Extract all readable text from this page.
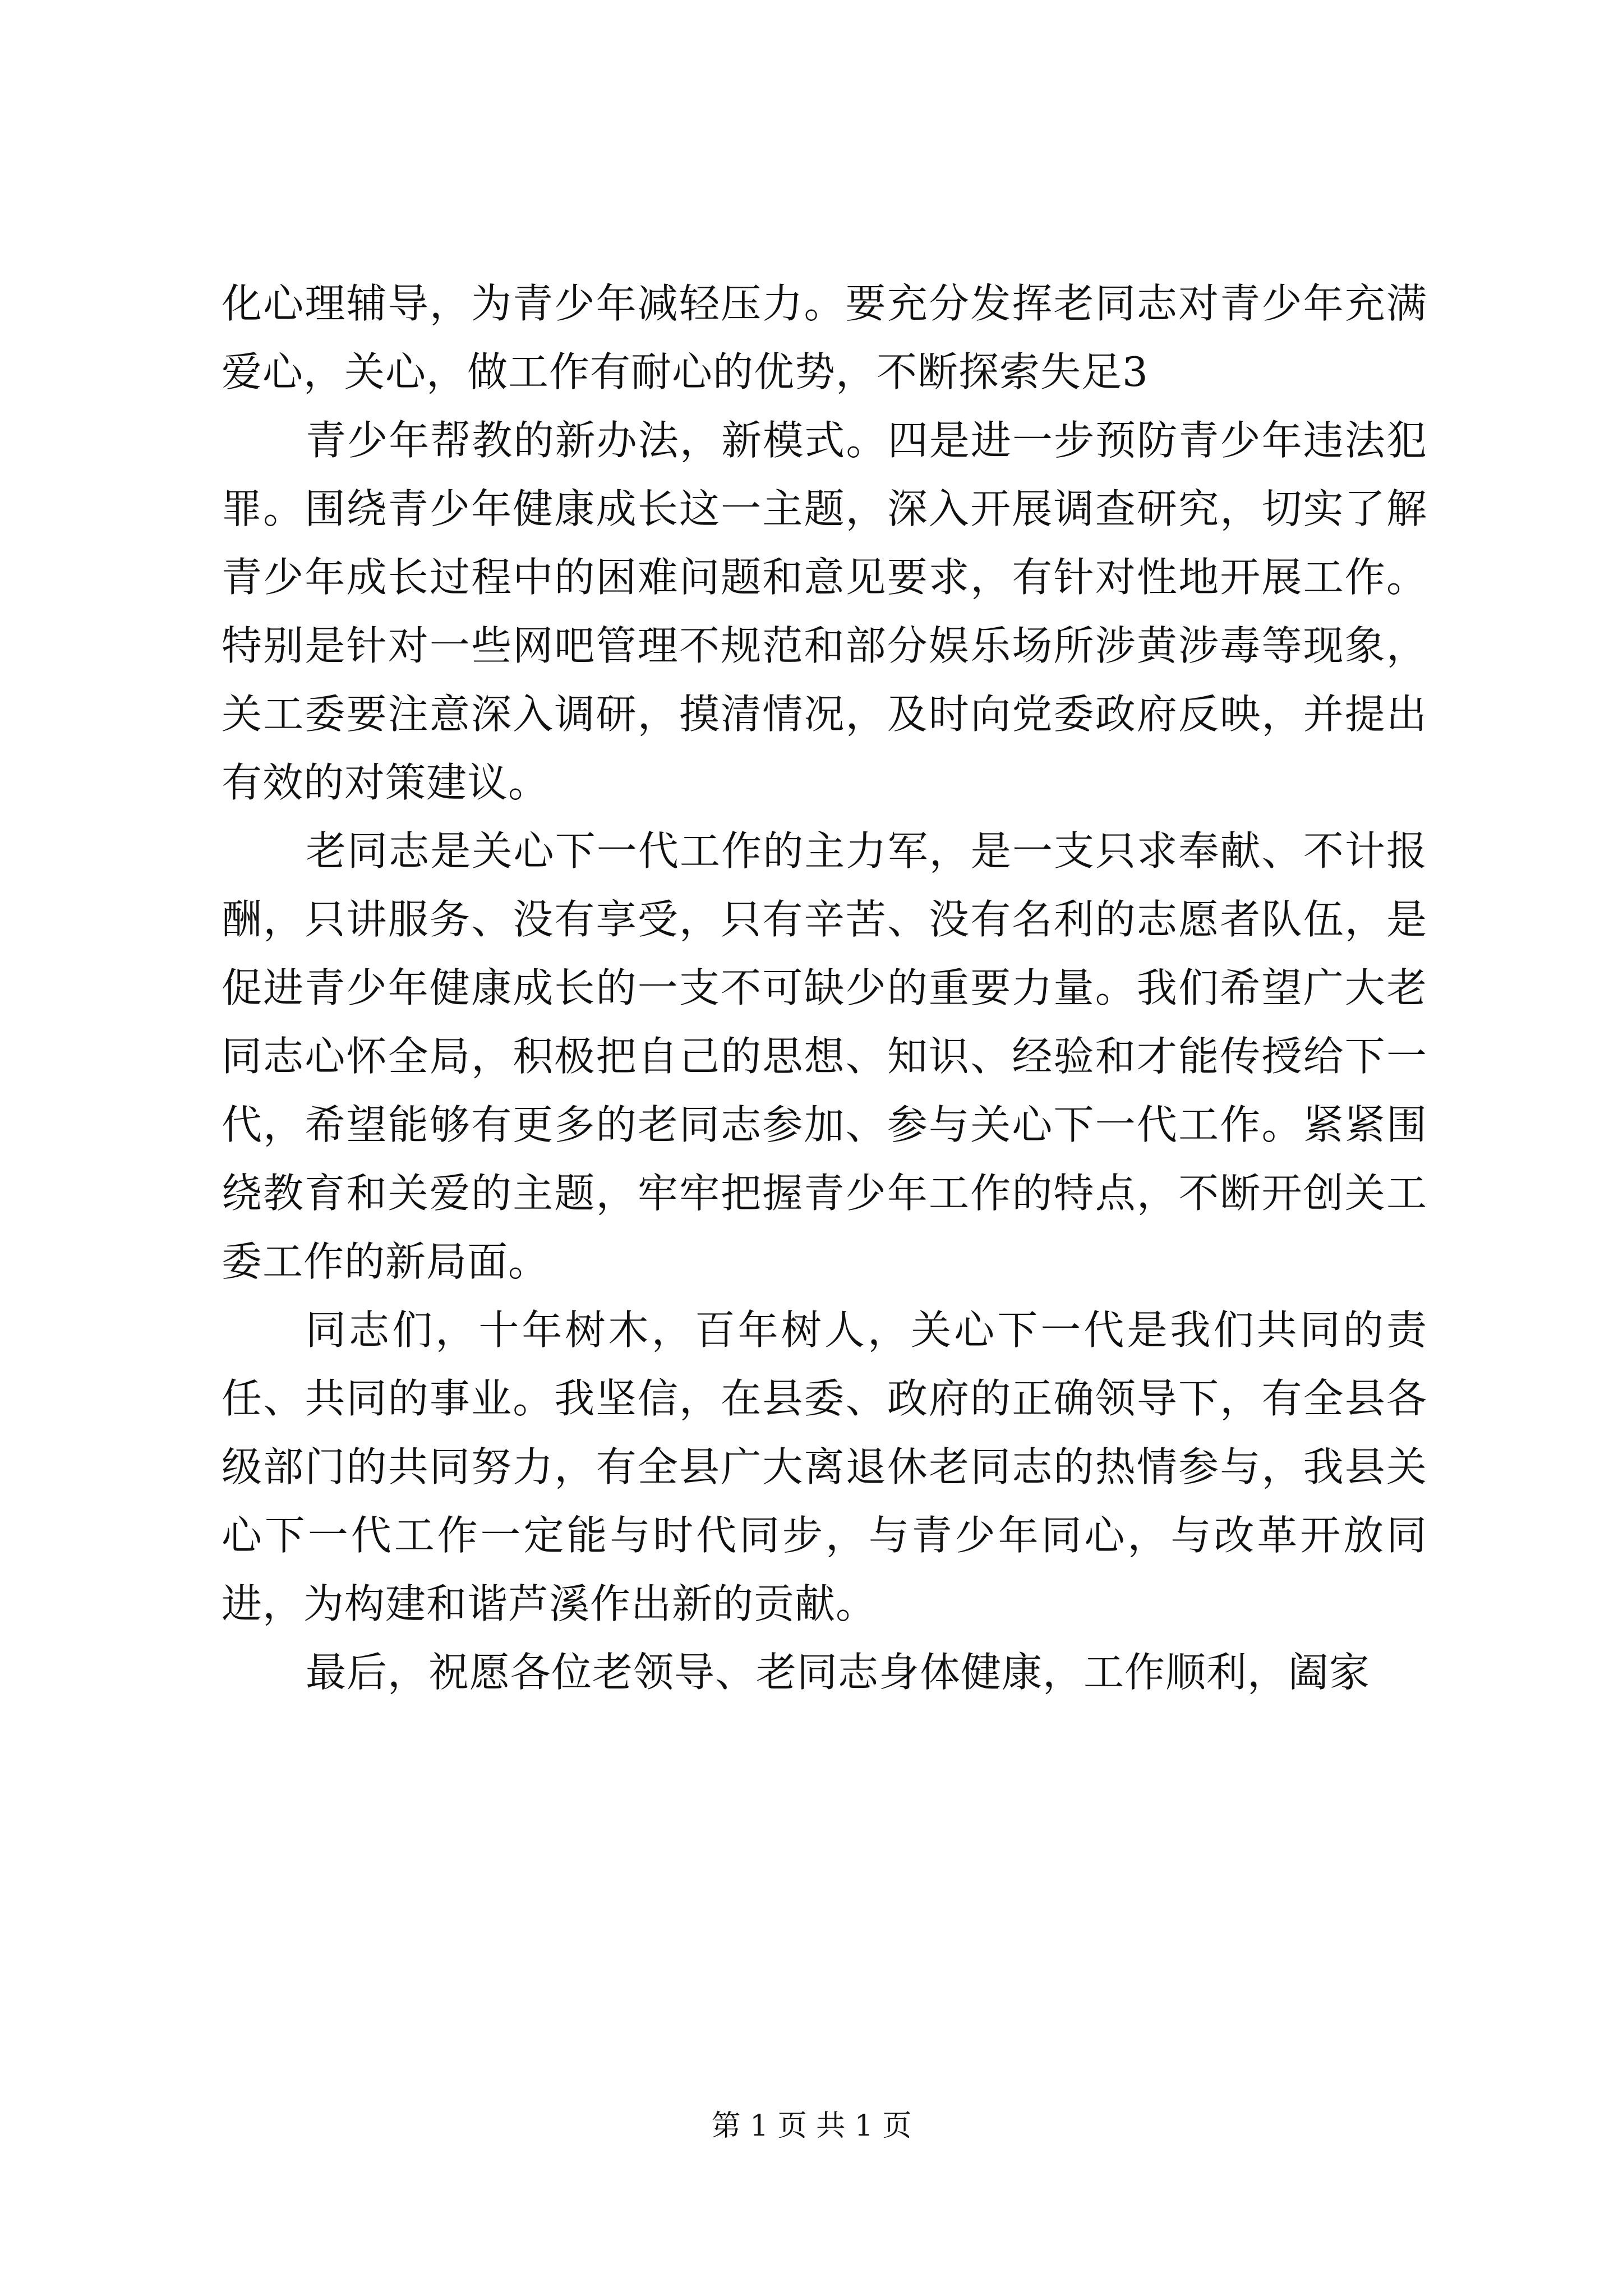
化心理辅导，为青少年减轻压力。要充分发挥老同志对青少年充满爱心，关心，做工作有耐心的优势，不断探索失足3

青少年帮教的新办法，新模式。四是进一步预防青少年违法犯罪。围绕青少年健康成长这一主题，深入开展调查研究，切实了解青少年成长过程中的困难问题和意见要求，有针对性地开展工作。特别是针对一些网吧管理不规范和部分娱乐场所涉黄涉毒等现象，关工委要注意深入调研，摸清情况，及时向党委政府反映，并提出有效的对策建议。

老同志是关心下一代工作的主力军，是一支只求奉献、不计报酬，只讲服务、没有享受，只有辛苦、没有名利的志愿者队伍，是促进青少年健康成长的一支不可缺少的重要力量。我们希望广大老同志心怀全局，积极把自己的思想、知识、经验和才能传授给下一代，希望能够有更多的老同志参加、参与关心下一代工作。紧紧围绕教育和关爱的主题，牢牢把握青少年工作的特点，不断开创关工委工作的新局面。

同志们，十年树木，百年树人，关心下一代是我们共同的责任、共同的事业。我坚信，在县委、政府的正确领导下，有全县各级部门的共同努力，有全县广大离退休老同志的热情参与，我县关心下一代工作一定能与时代同步，与青少年同心，与改革开放同进，为构建和谐芦溪作出新的贡献。

最后，祝愿各位老领导、老同志身体健康，工作顺利，阖家

第 1 页 共 1 页
